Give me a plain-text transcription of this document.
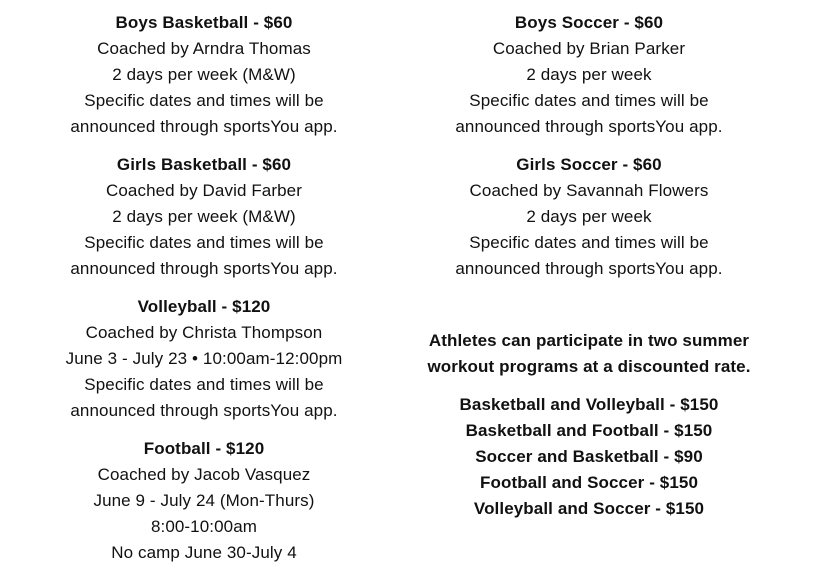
Boys Basketball - $60
Coached by Arndra Thomas
2 days per week (M&W)
Specific dates and times will be
announced through sportsYou app.
Girls Basketball - $60
Coached by David Farber
2 days per week (M&W)
Specific dates and times will be
announced through sportsYou app.
Volleyball - $120
Coached by Christa Thompson
June 3 - July 23 • 10:00am-12:00pm
Specific dates and times will be
announced through sportsYou app.
Football - $120
Coached by Jacob Vasquez
June 9 - July 24 (Mon-Thurs)
8:00-10:00am
No camp June 30-July 4
Boys Soccer - $60
Coached by Brian Parker
2 days per week
Specific dates and times will be
announced through sportsYou app.
Girls Soccer - $60
Coached by Savannah Flowers
2 days per week
Specific dates and times will be
announced through sportsYou app.
Athletes can participate in two summer
workout programs at a discounted rate.
Basketball and Volleyball - $150
Basketball and Football - $150
Soccer and Basketball - $90
Football and Soccer - $150
Volleyball and Soccer - $150
